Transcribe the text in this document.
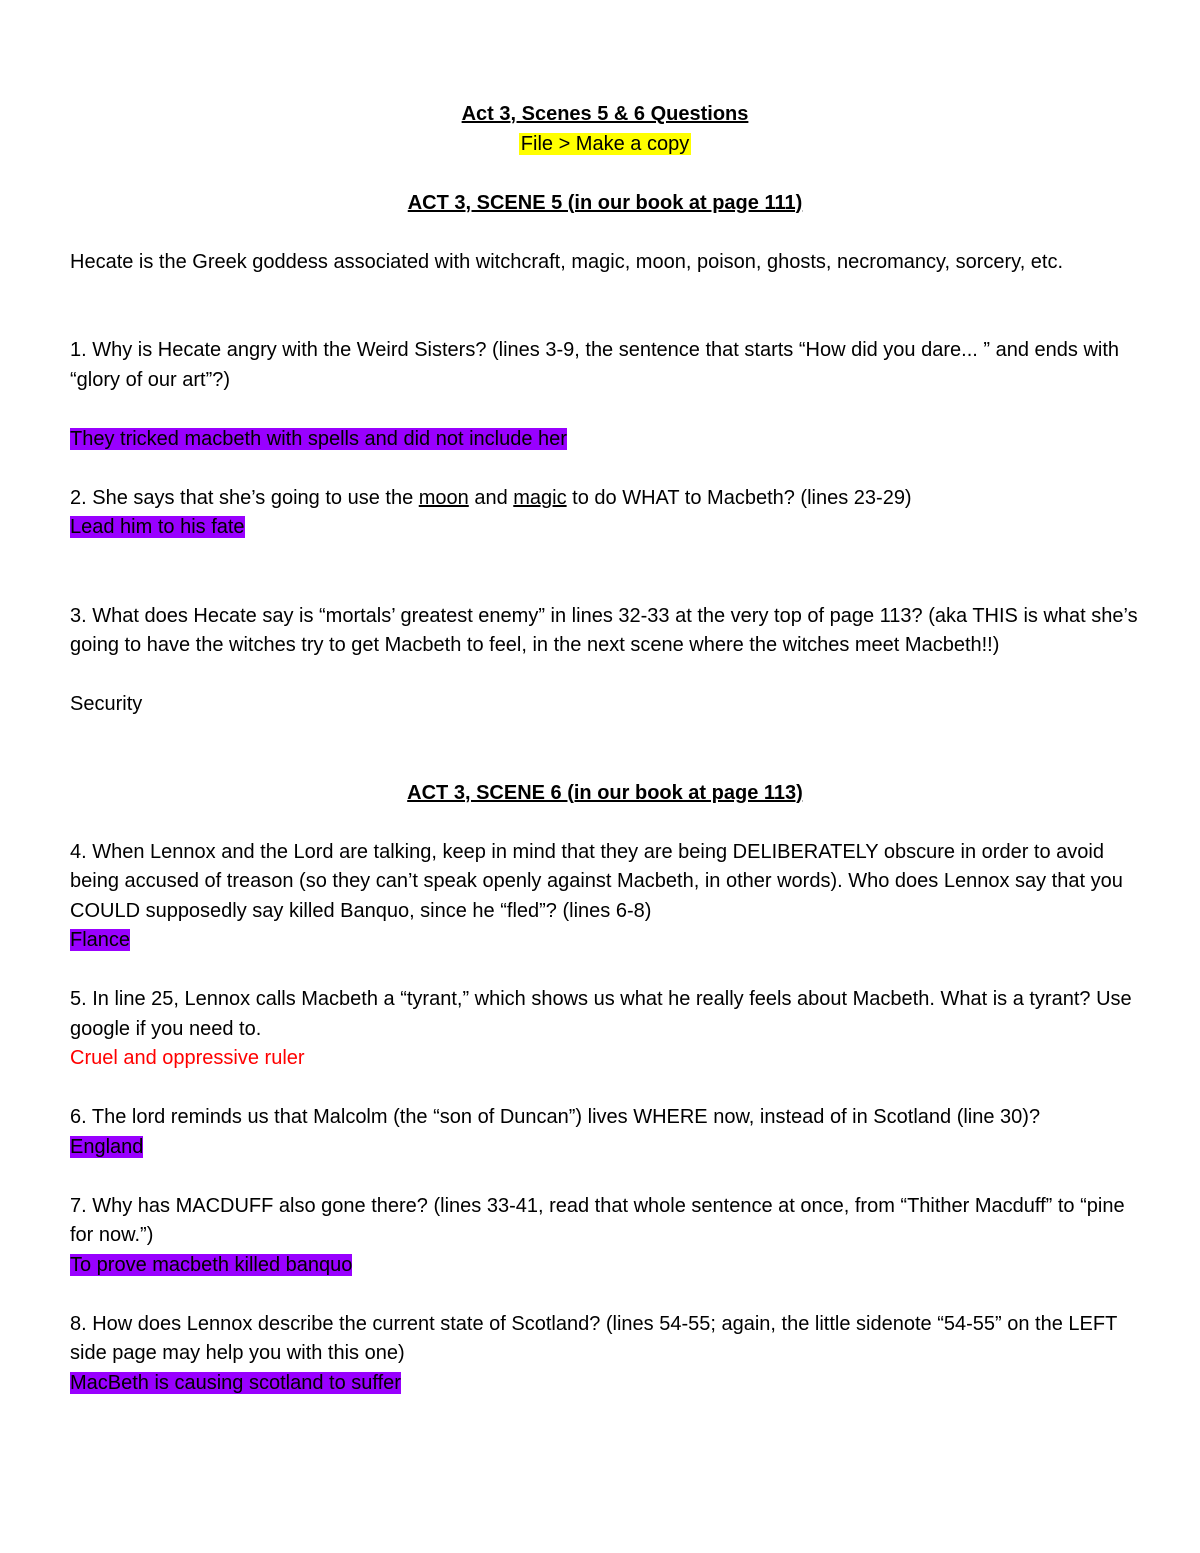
Act 3, Scenes 5 & 6 Questions
File > Make a copy
ACT 3, SCENE 5 (in our book at page 111)

Hecate is the Greek goddess associated with witchcraft, magic, moon, poison, ghosts, necromancy, sorcery, etc.

1. Why is Hecate angry with the Weird Sisters? (lines 3-9, the sentence that starts “How did you dare... ” and ends with “glory of our art”?)

They tricked macbeth with spells and did not include her

2. She says that she’s going to use the moon and magic to do WHAT to Macbeth? (lines 23-29)

Lead him to his fate

3. What does Hecate say is “mortals’ greatest enemy” in lines 32-33 at the very top of page 113? (aka THIS is what she’s going to have the witches try to get Macbeth to feel, in the next scene where the witches meet Macbeth!!)

Security

ACT 3, SCENE 6 (in our book at page 113)

4. When Lennox and the Lord are talking, keep in mind that they are being DELIBERATELY obscure in order to avoid being accused of treason (so they can’t speak openly against Macbeth, in other words). Who does Lennox say that you COULD supposedly say killed Banquo, since he “fled”? (lines 6-8)

Flance

5. In line 25, Lennox calls Macbeth a “tyrant,” which shows us what he really feels about Macbeth. What is a tyrant? Use google if you need to.

Cruel and oppressive ruler

6. The lord reminds us that Malcolm (the “son of Duncan”) lives WHERE now, instead of in Scotland (line 30)?

England

7. Why has MACDUFF also gone there? (lines 33-41, read that whole sentence at once, from “Thither Macduff” to “pine for now.”)

To prove macbeth killed banquo

8. How does Lennox describe the current state of Scotland? (lines 54-55; again, the little sidenote “54-55” on the LEFT side page may help you with this one)

MacBeth is causing scotland to suffer
